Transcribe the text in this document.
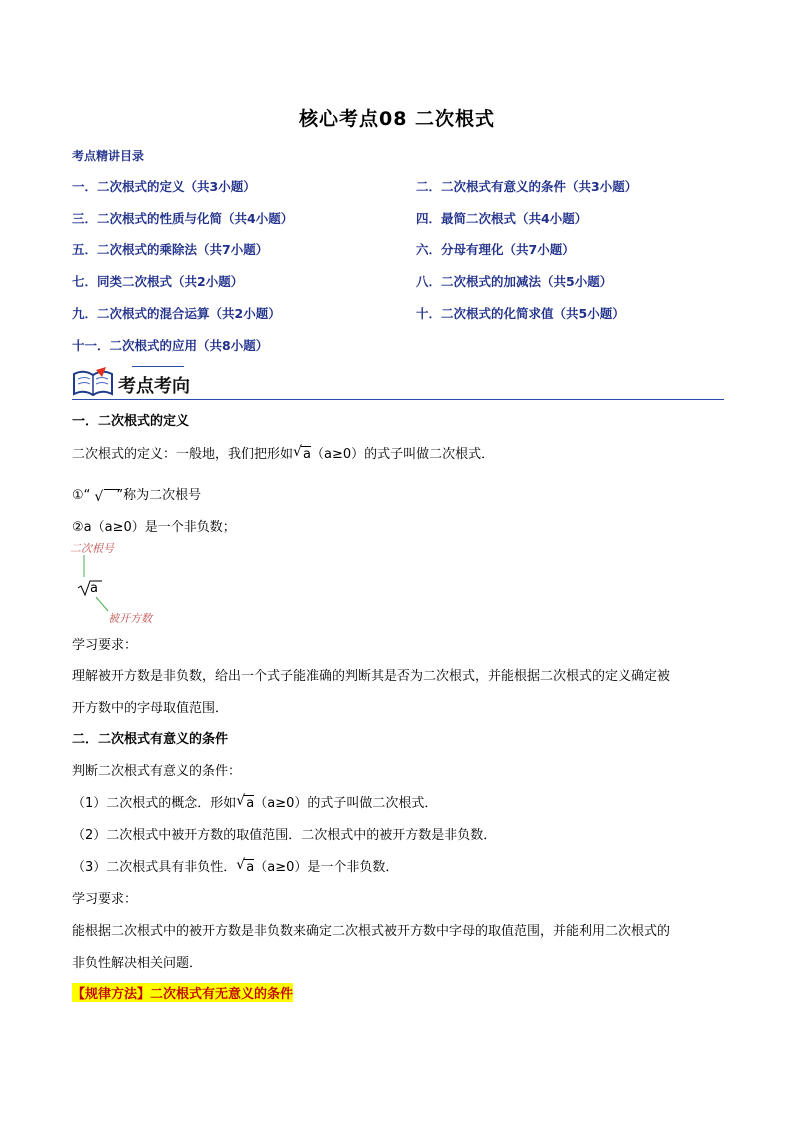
核心考点08 二次根式
考点精讲目录
一．二次根式的定义（共3小题）	二．二次根式有意义的条件（共3小题）
三．二次根式的性质与化简（共4小题）	四．最简二次根式（共4小题）
五．二次根式的乘除法（共7小题）	六．分母有理化（共7小题）
七．同类二次根式（共2小题）	八．二次根式的加减法（共5小题）
九．二次根式的混合运算（共2小题）	十．二次根式的化简求值（共5小题）
十一．二次根式的应用（共8小题）
考点考向
一．二次根式的定义
二次根式的定义：一般地，我们把形如 √ a（a≥0）的式子叫做二次根式．
①“ √ ”称为二次根号
②a（a≥0）是一个非负数；
二次根号
a
被开方数
学习要求：
理解被开方数是非负数，给出一个式子能准确的判断其是否为二次根式，并能根据二次根式的定义确定被
开方数中的字母取值范围．
二．二次根式有意义的条件
判断二次根式有意义的条件：
（1）二次根式的概念．形如 √ a（a≥0）的式子叫做二次根式．
（2）二次根式中被开方数的取值范围．二次根式中的被开方数是非负数．
（3）二次根式具有非负性． √ a（a≥0）是一个非负数．
学习要求：
能根据二次根式中的被开方数是非负数来确定二次根式被开方数中字母的取值范围，并能利用二次根式的
非负性解决相关问题．
【规律方法】二次根式有无意义的条件
